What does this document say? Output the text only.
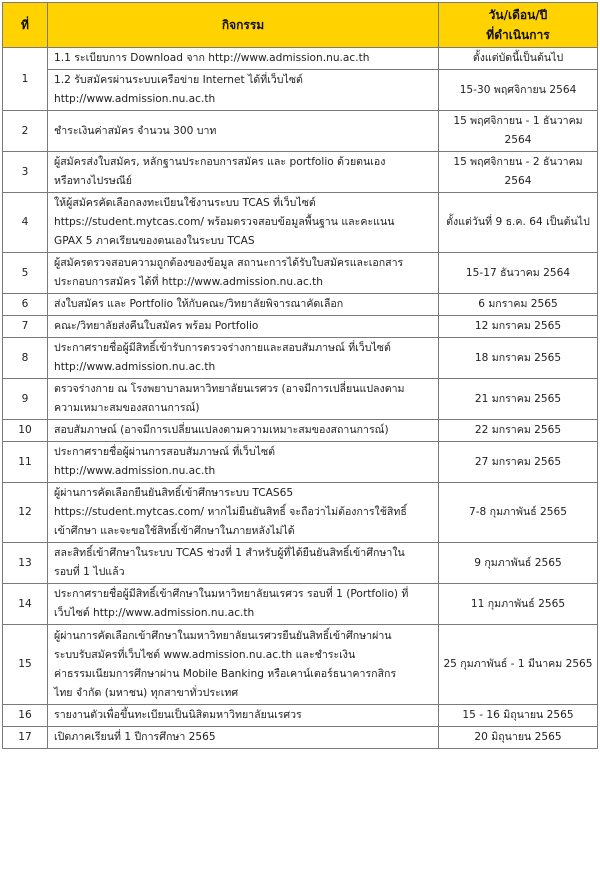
ที่	กิจกรรม	วัน/เดือน/ปี
ที่ดำเนินการ

1	1.1 ระเบียบการ Download จาก http://www.admission.nu.ac.th	ตั้งแต่บัดนี้เป็นต้นไป

	1.2 รับสมัครผ่านระบบเครือข่าย Internet ได้ที่เว็บไซต์
http://www.admission.nu.ac.th	15-30 พฤศจิกายน 2564
2	ชำระเงินค่าสมัคร จำนวน 300 บาท	15 พฤศจิกายน - 1 ธันวาคม 2564
3	ผู้สมัครส่งใบสมัคร, หลักฐานประกอบการสมัคร และ portfolio ด้วยตนเอง
หรือทางไปรษณีย์	15 พฤศจิกายน - 2 ธันวาคม 2564
4	ให้ผู้สมัครคัดเลือกลงทะเบียนใช้งานระบบ TCAS ที่เว็บไซต์
https://student.mytcas.com/ พร้อมตรวจสอบข้อมูลพื้นฐาน และคะแนน
GPAX 5 ภาคเรียนของตนเองในระบบ TCAS	ตั้งแต่วันที่ 9 ธ.ค. 64 เป็นต้นไป
5	ผู้สมัครตรวจสอบความถูกต้องของข้อมูล สถานะการได้รับใบสมัครและเอกสาร
ประกอบการสมัคร ได้ที่ http://www.admission.nu.ac.th	15-17 ธันวาคม 2564
6	ส่งใบสมัคร และ Portfolio ให้กับคณะ/วิทยาลัยพิจารณาคัดเลือก	6 มกราคม 2565
7	คณะ/วิทยาลัยส่งคืนใบสมัคร พร้อม Portfolio	12 มกราคม 2565
8	ประกาศรายชื่อผู้มีสิทธิ์เข้ารับการตรวจร่างกายและสอบสัมภาษณ์ ที่เว็บไซต์
http://www.admission.nu.ac.th	18 มกราคม 2565
9	ตรวจร่างกาย ณ โรงพยาบาลมหาวิทยาลัยนเรศวร (อาจมีการเปลี่ยนแปลงตาม
ความเหมาะสมของสถานการณ์)	21 มกราคม 2565
10	สอบสัมภาษณ์ (อาจมีการเปลี่ยนแปลงตามความเหมาะสมของสถานการณ์)	22 มกราคม 2565
11	ประกาศรายชื่อผู้ผ่านการสอบสัมภาษณ์ ที่เว็บไซต์ http://www.admission.nu.ac.th	27 มกราคม 2565
12	ผู้ผ่านการคัดเลือกยืนยันสิทธิ์เข้าศึกษาระบบ TCAS65
https://student.mytcas.com/ หากไม่ยืนยันสิทธิ์ จะถือว่าไม่ต้องการใช้สิทธิ์
เข้าศึกษา และจะขอใช้สิทธิ์เข้าศึกษาในภายหลังไม่ได้	7-8 กุมภาพันธ์ 2565
13	สละสิทธิ์เข้าศึกษาในระบบ TCAS ช่วงที่ 1 สำหรับผู้ที่ได้ยืนยันสิทธิ์เข้าศึกษาใน
รอบที่ 1 ไปแล้ว	9 กุมภาพันธ์ 2565
14	ประกาศรายชื่อผู้มีสิทธิ์เข้าศึกษาในมหาวิทยาลัยนเรศวร รอบที่ 1 (Portfolio) ที่
เว็บไซต์ http://www.admission.nu.ac.th	11 กุมภาพันธ์ 2565
15	ผู้ผ่านการคัดเลือกเข้าศึกษาในมหาวิทยาลัยนเรศวรยืนยันสิทธิ์เข้าศึกษาผ่าน
ระบบรับสมัครที่เว็บไซต์ www.admission.nu.ac.th และชำระเงิน
ค่าธรรมเนียมการศึกษาผ่าน Mobile Banking หรือเคาน์เตอร์ธนาคารกสิกร
ไทย จำกัด (มหาชน) ทุกสาขาทั่วประเทศ	25 กุมภาพันธ์ - 1 มีนาคม 2565
16	รายงานตัวเพื่อขึ้นทะเบียนเป็นนิสิตมหาวิทยาลัยนเรศวร	15 - 16 มิถุนายน 2565
17	เปิดภาคเรียนที่ 1 ปีการศึกษา 2565	20 มิถุนายน 2565
